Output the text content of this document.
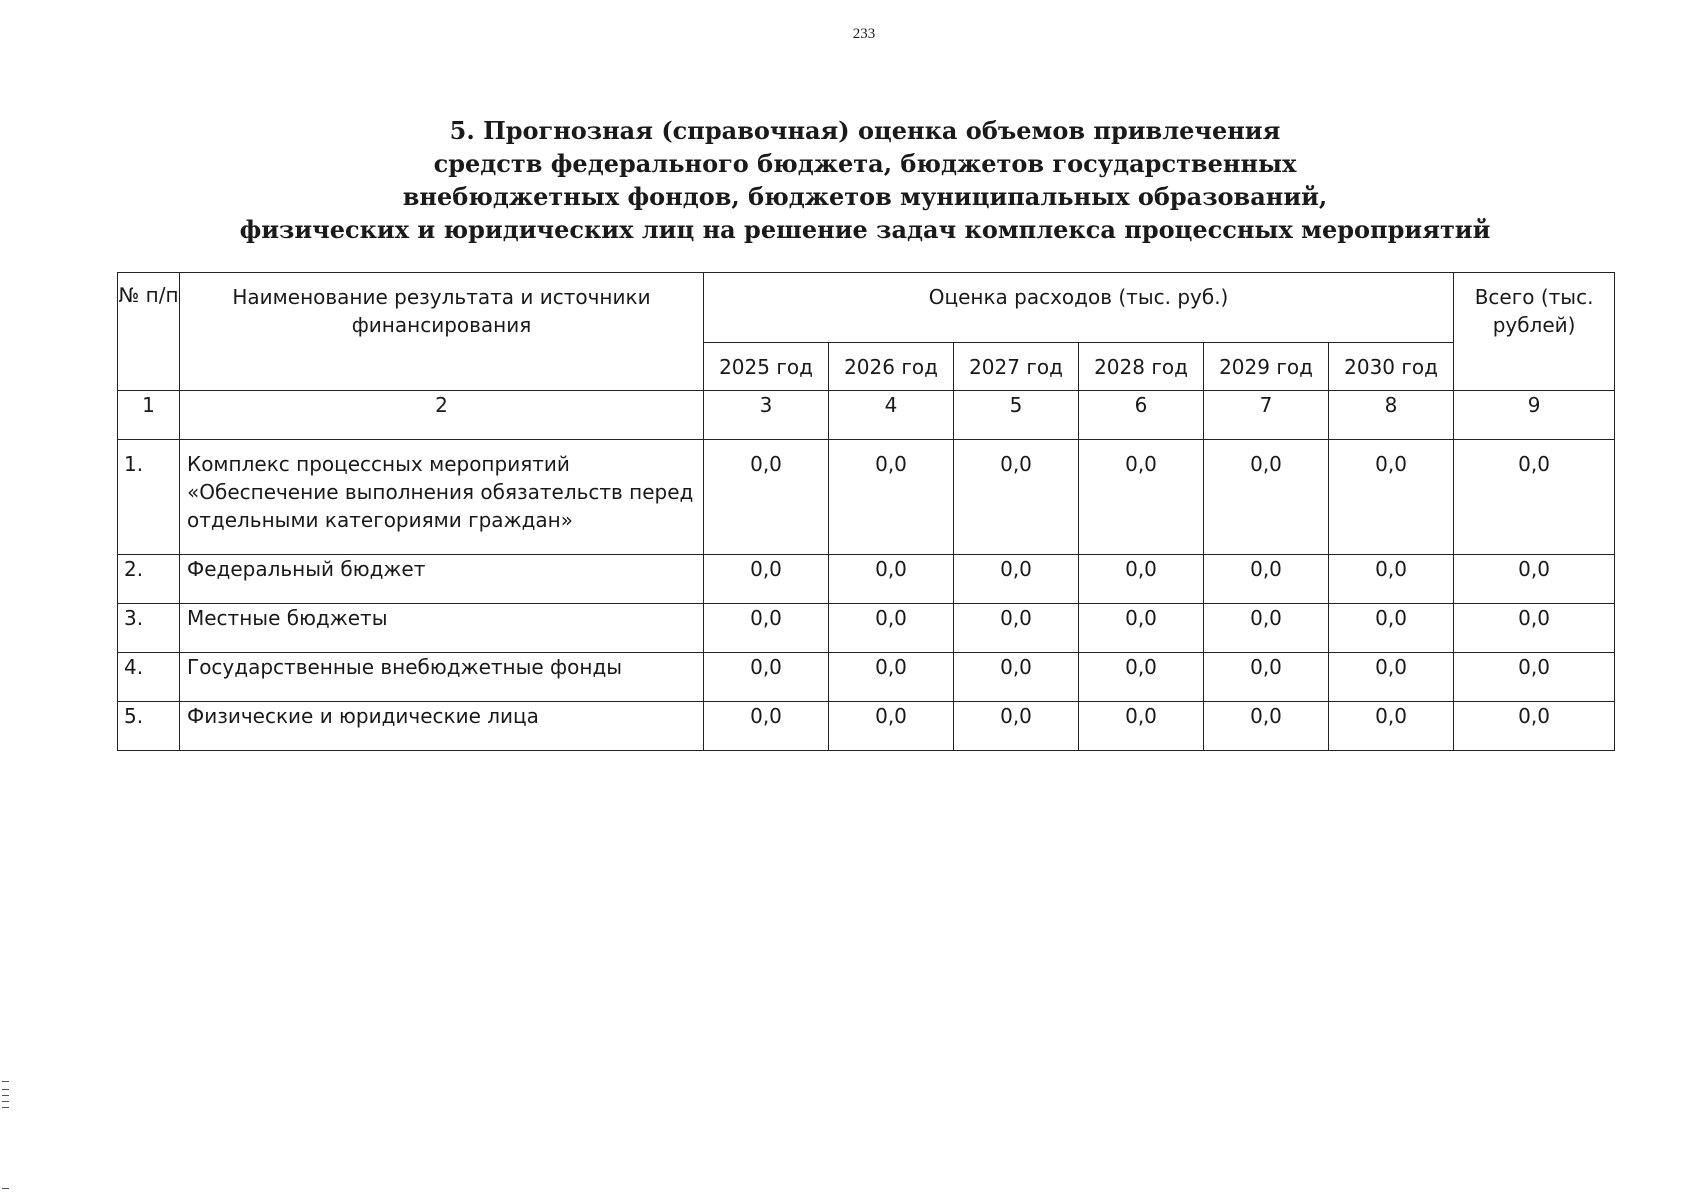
233
5. Прогнозная (справочная) оценка объемов привлечения
средств федерального бюджета, бюджетов государственных
внебюджетных фондов, бюджетов муниципальных образований,
физических и юридических лиц на решение задач комплекса процессных мероприятий
№ п/п	Наименование результата и источники финансирования	Оценка расходов (тыс. руб.)						Всего (тыс. рублей)
		2025 год	2026 год	2027 год	2028 год	2029 год	2030 год	
1	2	3	4	5	6	7	8	9
1.	Комплекс процессных мероприятий «Обеспечение выполнения обязательств перед отдельными категориями граждан»	0,0	0,0	0,0	0,0	0,0	0,0	0,0
2.	Федеральный бюджет	0,0	0,0	0,0	0,0	0,0	0,0	0,0
3.	Местные бюджеты	0,0	0,0	0,0	0,0	0,0	0,0	0,0
4.	Государственные внебюджетные фонды	0,0	0,0	0,0	0,0	0,0	0,0	0,0
5.	Физические и юридические лица	0,0	0,0	0,0	0,0	0,0	0,0	0,0
